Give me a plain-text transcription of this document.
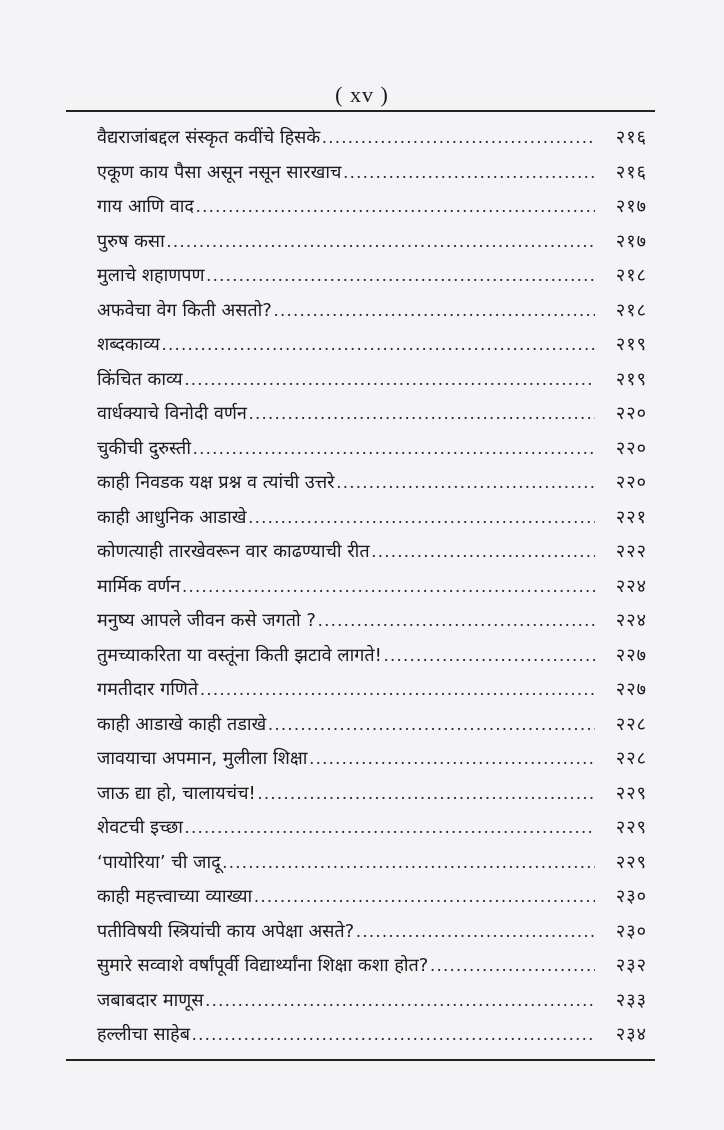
( xv )
वैद्यराजांबद्दल संस्कृत कवींचे हिसके .....	२१६
एकूण काय पैसा असून नसून सारखाच .....	२१६
गाय आणि वाद .....	२१७
पुरुष कसा .....	२१७
मुलाचे शहाणपण .....	२१८
अफवेचा वेग किती असतो? .....	२१८
शब्दकाव्य .....	२१९
किंचित काव्य .....	२१९
वार्धक्याचे विनोदी वर्णन .....	२२०
चुकीची दुरुस्ती .....	२२०
काही निवडक यक्ष प्रश्न व त्यांची उत्तरे .....	२२०
काही आधुनिक आडाखे .....	२२१
कोणत्याही तारखेवरून वार काढण्याची रीत .....	२२२
मार्मिक वर्णन .....	२२४
मनुष्य आपले जीवन कसे जगतो ? .....	२२४
तुमच्याकरिता या वस्तूंना किती झटावे लागते! .....	२२७
गमतीदार गणिते .....	२२७
काही आडाखे काही तडाखे .....	२२८
जावयाचा अपमान, मुलीला शिक्षा .....	२२८
जाऊ द्या हो, चालायचंच! .....	२२९
शेवटची इच्छा .....	२२९
‘पायोरिया’ ची जादू .....	२२९
काही महत्त्वाच्या व्याख्या .....	२३०
पतीविषयी स्त्रियांची काय अपेक्षा असते? .....	२३०
सुमारे सव्वाशे वर्षांपूर्वी विद्यार्थ्यांना शिक्षा कशा होत? .....	२३२
जबाबदार माणूस .....	२३३
हल्लीचा साहेब .....	२३४
